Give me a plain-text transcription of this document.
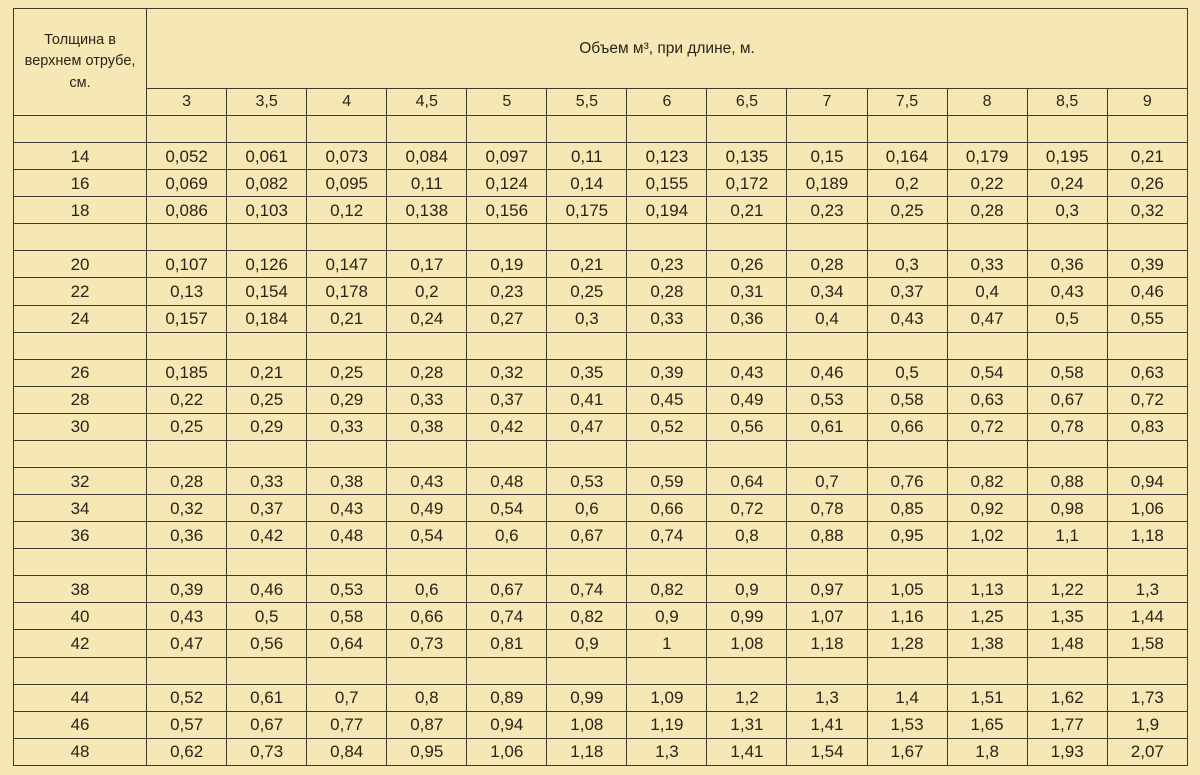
Толщина в верхнем отрубе, см.	Объем м³, при длине, м.												
	3	3,5	4	4,5	5	5,5	6	6,5	7	7,5	8	8,5	9

14	0,052	0,061	0,073	0,084	0,097	0,11	0,123	0,135	0,15	0,164	0,179	0,195	0,21
16	0,069	0,082	0,095	0,11	0,124	0,14	0,155	0,172	0,189	0,2	0,22	0,24	0,26
18	0,086	0,103	0,12	0,138	0,156	0,175	0,194	0,21	0,23	0,25	0,28	0,3	0,32

20	0,107	0,126	0,147	0,17	0,19	0,21	0,23	0,26	0,28	0,3	0,33	0,36	0,39
22	0,13	0,154	0,178	0,2	0,23	0,25	0,28	0,31	0,34	0,37	0,4	0,43	0,46
24	0,157	0,184	0,21	0,24	0,27	0,3	0,33	0,36	0,4	0,43	0,47	0,5	0,55

26	0,185	0,21	0,25	0,28	0,32	0,35	0,39	0,43	0,46	0,5	0,54	0,58	0,63
28	0,22	0,25	0,29	0,33	0,37	0,41	0,45	0,49	0,53	0,58	0,63	0,67	0,72
30	0,25	0,29	0,33	0,38	0,42	0,47	0,52	0,56	0,61	0,66	0,72	0,78	0,83

32	0,28	0,33	0,38	0,43	0,48	0,53	0,59	0,64	0,7	0,76	0,82	0,88	0,94
34	0,32	0,37	0,43	0,49	0,54	0,6	0,66	0,72	0,78	0,85	0,92	0,98	1,06
36	0,36	0,42	0,48	0,54	0,6	0,67	0,74	0,8	0,88	0,95	1,02	1,1	1,18

38	0,39	0,46	0,53	0,6	0,67	0,74	0,82	0,9	0,97	1,05	1,13	1,22	1,3
40	0,43	0,5	0,58	0,66	0,74	0,82	0,9	0,99	1,07	1,16	1,25	1,35	1,44
42	0,47	0,56	0,64	0,73	0,81	0,9	1	1,08	1,18	1,28	1,38	1,48	1,58

44	0,52	0,61	0,7	0,8	0,89	0,99	1,09	1,2	1,3	1,4	1,51	1,62	1,73
46	0,57	0,67	0,77	0,87	0,94	1,08	1,19	1,31	1,41	1,53	1,65	1,77	1,9
48	0,62	0,73	0,84	0,95	1,06	1,18	1,3	1,41	1,54	1,67	1,8	1,93	2,07
